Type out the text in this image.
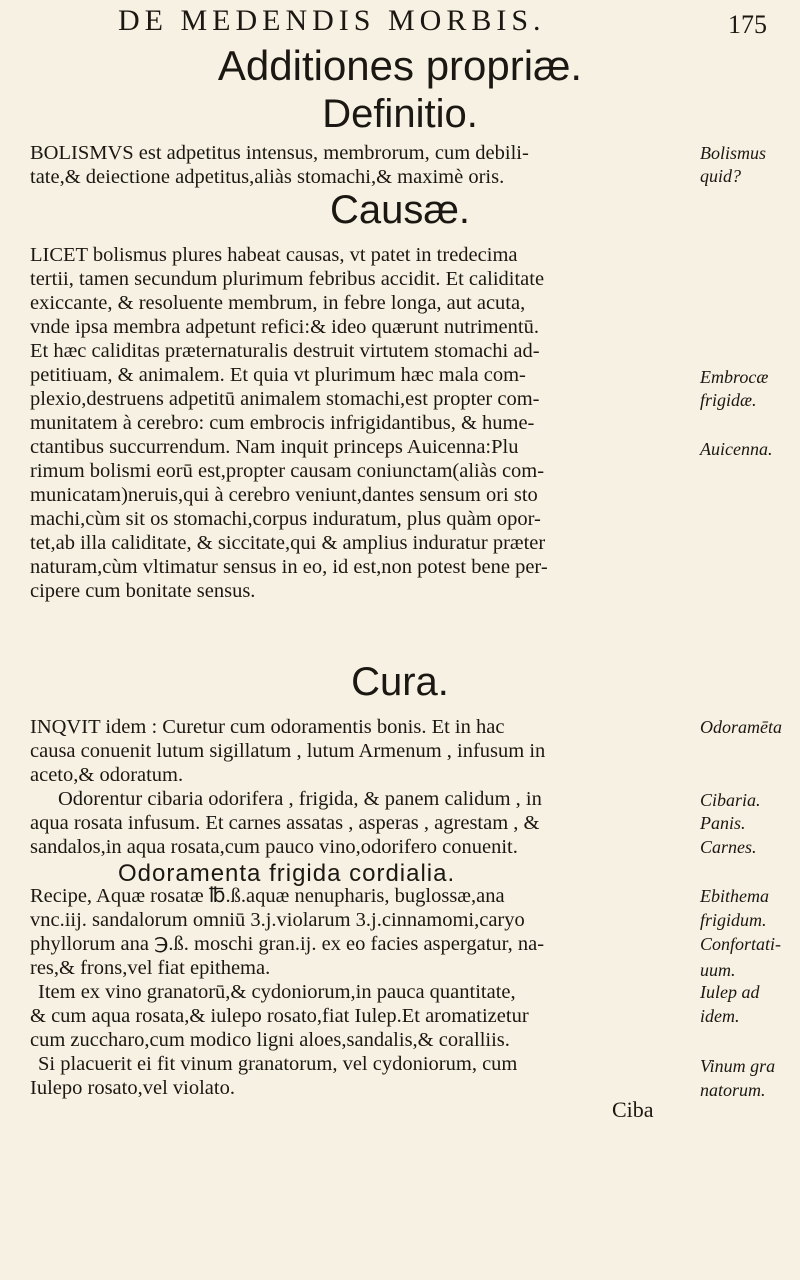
DE MEDENDIS MORBIS.	175
Additiones propriæ.
Definitio.
BOLISMVS est adpetitus intensus, membrorum, cum debili-
tate,& deiectione adpetitus,aliàs stomachi,& maximè oris.
Causæ.
LICET bolismus plures habeat causas, vt patet in tredecima
tertii, tamen secundum plurimum febribus accidit. Et caliditate
exiccante, & resoluente membrum, in febre longa, aut acuta,
vnde ipsa membra adpetunt refici:& ideo quærunt nutrimentū.
Et hæc caliditas præternaturalis destruit virtutem stomachi ad-
petitiuam, & animalem. Et quia vt plurimum hæc mala com-
plexio,destruens adpetitū animalem stomachi,est propter com-
munitatem à cerebro: cum embrocis infrigidantibus, & hume-
ctantibus succurrendum. Nam inquit princeps Auicenna:Plu
rimum bolismi eorū est,propter causam coniunctam(aliàs com-
municatam)neruis,qui à cerebro veniunt,dantes sensum ori sto
machi,cùm sit os stomachi,corpus induratum, plus quàm opor-
tet,ab illa caliditate, & siccitate,qui & amplius induratur præter
naturam,cùm vltimatur sensus in eo, id est,non potest bene per-
cipere cum bonitate sensus.
Cura.
INQVIT idem : Curetur cum odoramentis bonis. Et in hac
causa conuenit lutum sigillatum , lutum Armenum , infusum in
aceto,& odoratum.
Odorentur cibaria odorifera , frigida, & panem calidum , in
aqua rosata infusum. Et carnes assatas , asperas , agrestam , &
sandalos,in aqua rosata,cum pauco vino,odorifero conuenit.
Odoramenta frigida cordialia.
Recipe, Aquæ rosatæ ℔.ß.aquæ nenupharis, buglossæ,ana
vnc.iij. sandalorum omniū 3.j.violarum 3.j.cinnamomi,caryo
phyllorum ana ℈.ß. moschi gran.ij. ex eo facies aspergatur, na-
res,& frons,vel fiat epithema.
Item ex vino granatorū,& cydoniorum,in pauca quantitate,
& cum aqua rosata,& iulepo rosato,fiat Iulep.Et aromatizetur
cum zuccharo,cum modico ligni aloes,sandalis,& coralliis.
Si placuerit ei fit vinum granatorum, vel cydoniorum, cum
Iulepo rosato,vel violato.
Bolismus
quid?
Embrocæ
frigidæ.
Auicenna.
Odoramēta
Cibaria.
Panis.
Carnes.
Ebithema
frigidum.
Confortati-
uum.
Iulep ad
idem.
Vinum gra
natorum.
Ciba
